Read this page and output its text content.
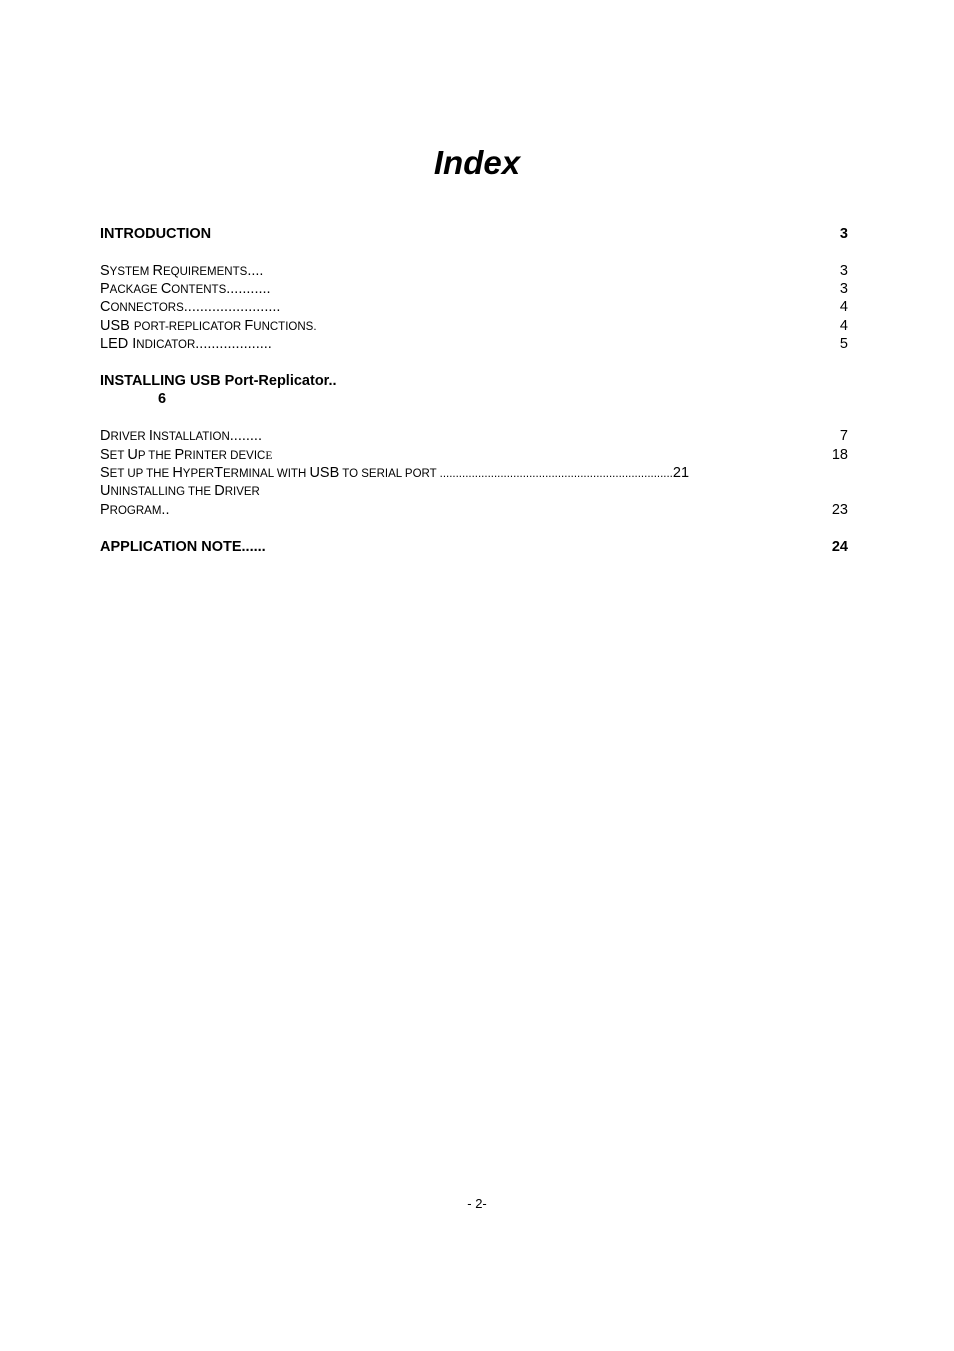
Index
INTRODUCTION	3
SYSTEM REQUIREMENTS....	3
PACKAGE CONTENTS...........	3
CONNECTORS........................	4
USB PORT-REPLICATOR FUNCTIONS.	4
LED INDICATOR...................	5
INSTALLING USB Port-Replicator..
6
DRIVER INSTALLATION........	7
SET UP THE PRINTER DEVICE	18
SET UP THE HYPERTERMINAL WITH USB TO SERIAL PORT .........................................................................21
UNINSTALLING THE DRIVER
PROGRAM..	23
APPLICATION NOTE......	24
- 2-
